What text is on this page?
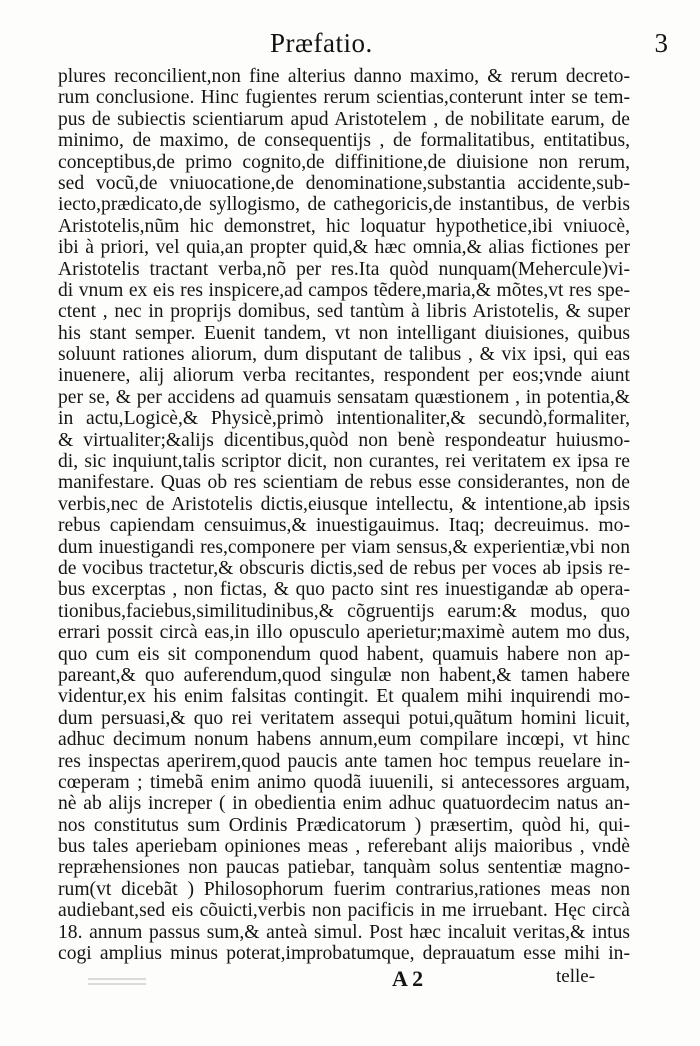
Præfatio.	3
plures reconcilient,non fine alterius danno maximo, & rerum decreto-
rum conclusione. Hinc fugientes rerum scientias,conterunt inter se tem-
pus de subiectis scientiarum apud Aristotelem , de nobilitate earum, de
minimo, de maximo, de consequentijs , de formalitatibus, entitatibus,
conceptibus,de primo cognito,de diffinitione,de diuisione non rerum,
sed vocũ,de vniuocatione,de denominatione,substantia accidente,sub-
iecto,prædicato,de syllogismo, de cathegoricis,de instantibus, de verbis
Aristotelis,nũm hic demonstret, hic loquatur hypothetice,ibi vniuocè,
ibi à priori, vel quia,an propter quid,& hæc omnia,& alias fictiones per
Aristotelis tractant verba,nõ per res.Ita quòd nunquam(Mehercule)vi-
di vnum ex eis res inspicere,ad campos tẽdere,maria,& mõtes,vt res spe-
ctent , nec in proprijs domibus, sed tantùm à libris Aristotelis, & super
his stant semper. Euenit tandem, vt non intelligant diuisiones, quibus
soluunt rationes aliorum, dum disputant de talibus , & vix ipsi, qui eas
inuenere, alij aliorum verba recitantes, respondent per eos;vnde aiunt
per se, & per accidens ad quamuis sensatam quæstionem , in potentia,&
in actu,Logicè,& Physicè,primò intentionaliter,& secundò,formaliter,
& virtualiter;&alijs dicentibus,quòd non benè respondeatur huiusmo-
di, sic inquiunt,talis scriptor dicit, non curantes, rei veritatem ex ipsa re
manifestare. Quas ob res scientiam de rebus esse considerantes, non de
verbis,nec de Aristotelis dictis,eiusque intellectu, & intentione,ab ipsis
rebus capiendam censuimus,& inuestigauimus. Itaq; decreuimus. mo-
dum inuestigandi res,componere per viam sensus,& experientiæ,vbi non
de vocibus tractetur,& obscuris dictis,sed de rebus per voces ab ipsis re-
bus excerptas , non fictas, & quo pacto sint res inuestigandæ ab opera-
tionibus,faciebus,similitudinibus,& cõgruentijs earum:& modus, quo
errari possit circà eas,in illo opusculo aperietur;maximè autem mo dus,
quo cum eis sit componendum quod habent, quamuis habere non ap-
pareant,& quo auferendum,quod singulæ non habent,& tamen habere
videntur,ex his enim falsitas contingit. Et qualem mihi inquirendi mo-
dum persuasi,& quo rei veritatem assequi potui,quãtum homini licuit,
adhuc decimum nonum habens annum,eum compilare incœpi, vt hinc
res inspectas aperirem,quod paucis ante tamen hoc tempus reuelare in-
cœperam ; timebã enim animo quodã iuuenili, si antecessores arguam,
nè ab alijs increper ( in obedientia enim adhuc quatuordecim natus an-
nos constitutus sum Ordinis Prædicatorum ) præsertim, quòd hi, qui-
bus tales aperiebam opiniones meas , referebant alijs maioribus , vndè
repræhensiones non paucas patiebar, tanquàm solus sententiæ magno-
rum(vt dicebãt ) Philosophorum fuerim contrarius,rationes meas non
audiebant,sed eis cõuicti,verbis non pacificis in me irruebant. Hęc circà
18. annum passus sum,& anteà simul. Post hæc incaluit veritas,& intus
cogi amplius minus poterat,improbatumque, deprauatum esse mihi in-
A 2	telle-
